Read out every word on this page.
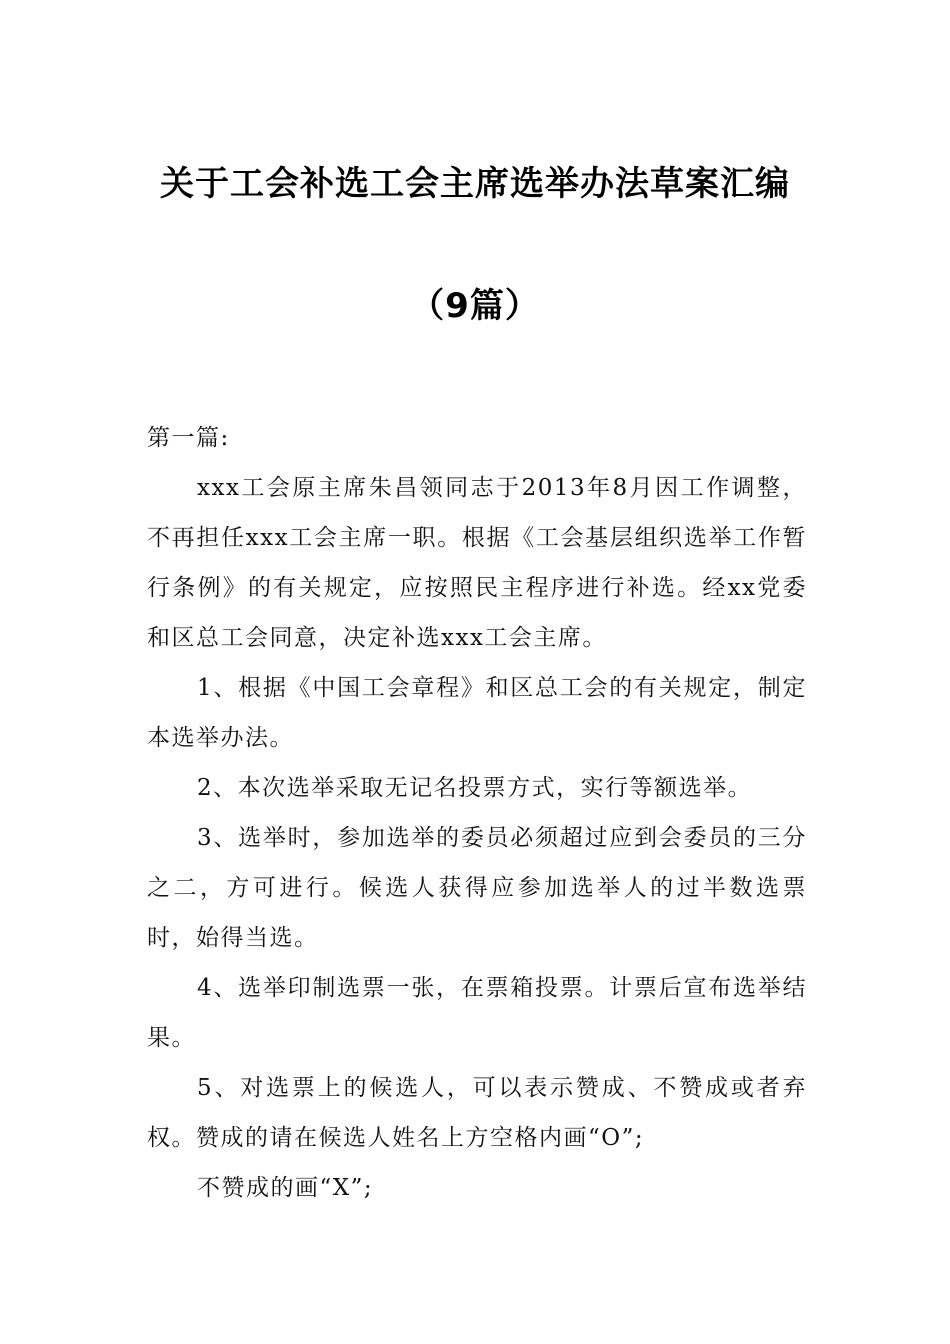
关于工会补选工会主席选举办法草案汇编
（9篇）

第一篇:

xxx工会原主席朱昌领同志于2013年8月因工作调整，不再担任xxx工会主席一职。根据《工会基层组织选举工作暂行条例》的有关规定，应按照民主程序进行补选。经xx党委和区总工会同意，决定补选xxx工会主席。

1、根据《中国工会章程》和区总工会的有关规定，制定本选举办法。

2、本次选举采取无记名投票方式，实行等额选举。

3、选举时，参加选举的委员必须超过应到会委员的三分之二，方可进行。候选人获得应参加选举人的过半数选票时，始得当选。

4、选举印制选票一张，在票箱投票。计票后宣布选举结果。

5、对选票上的候选人，可以表示赞成、不赞成或者弃权。赞成的请在候选人姓名上方空格内画“O”;

不赞成的画“X”;
